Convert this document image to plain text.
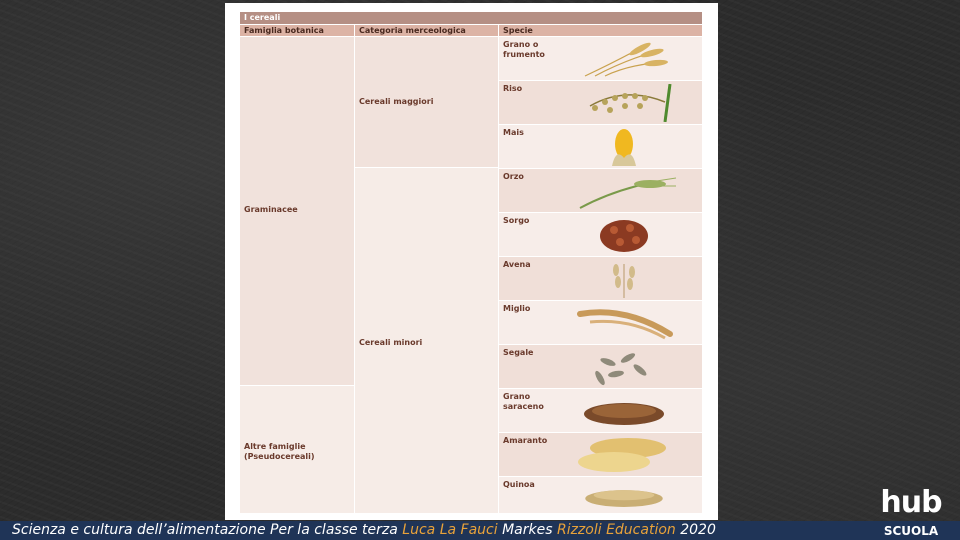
I cereali
Famiglia botanica	Categoria merceologica	Specie
Graminacee
Altre famiglie (Pseudocereali)
Cereali maggiori
Cereali minori
Grano o frumento
Riso
Mais
Orzo
Sorgo
Avena
Miglio
Segale
Grano saraceno
Amaranto
Quinoa
Scienza e cultura dell’alimentazione Per la classe terza Luca La Fauci Markes Rizzoli Education 2020
hub
SCUOLA
